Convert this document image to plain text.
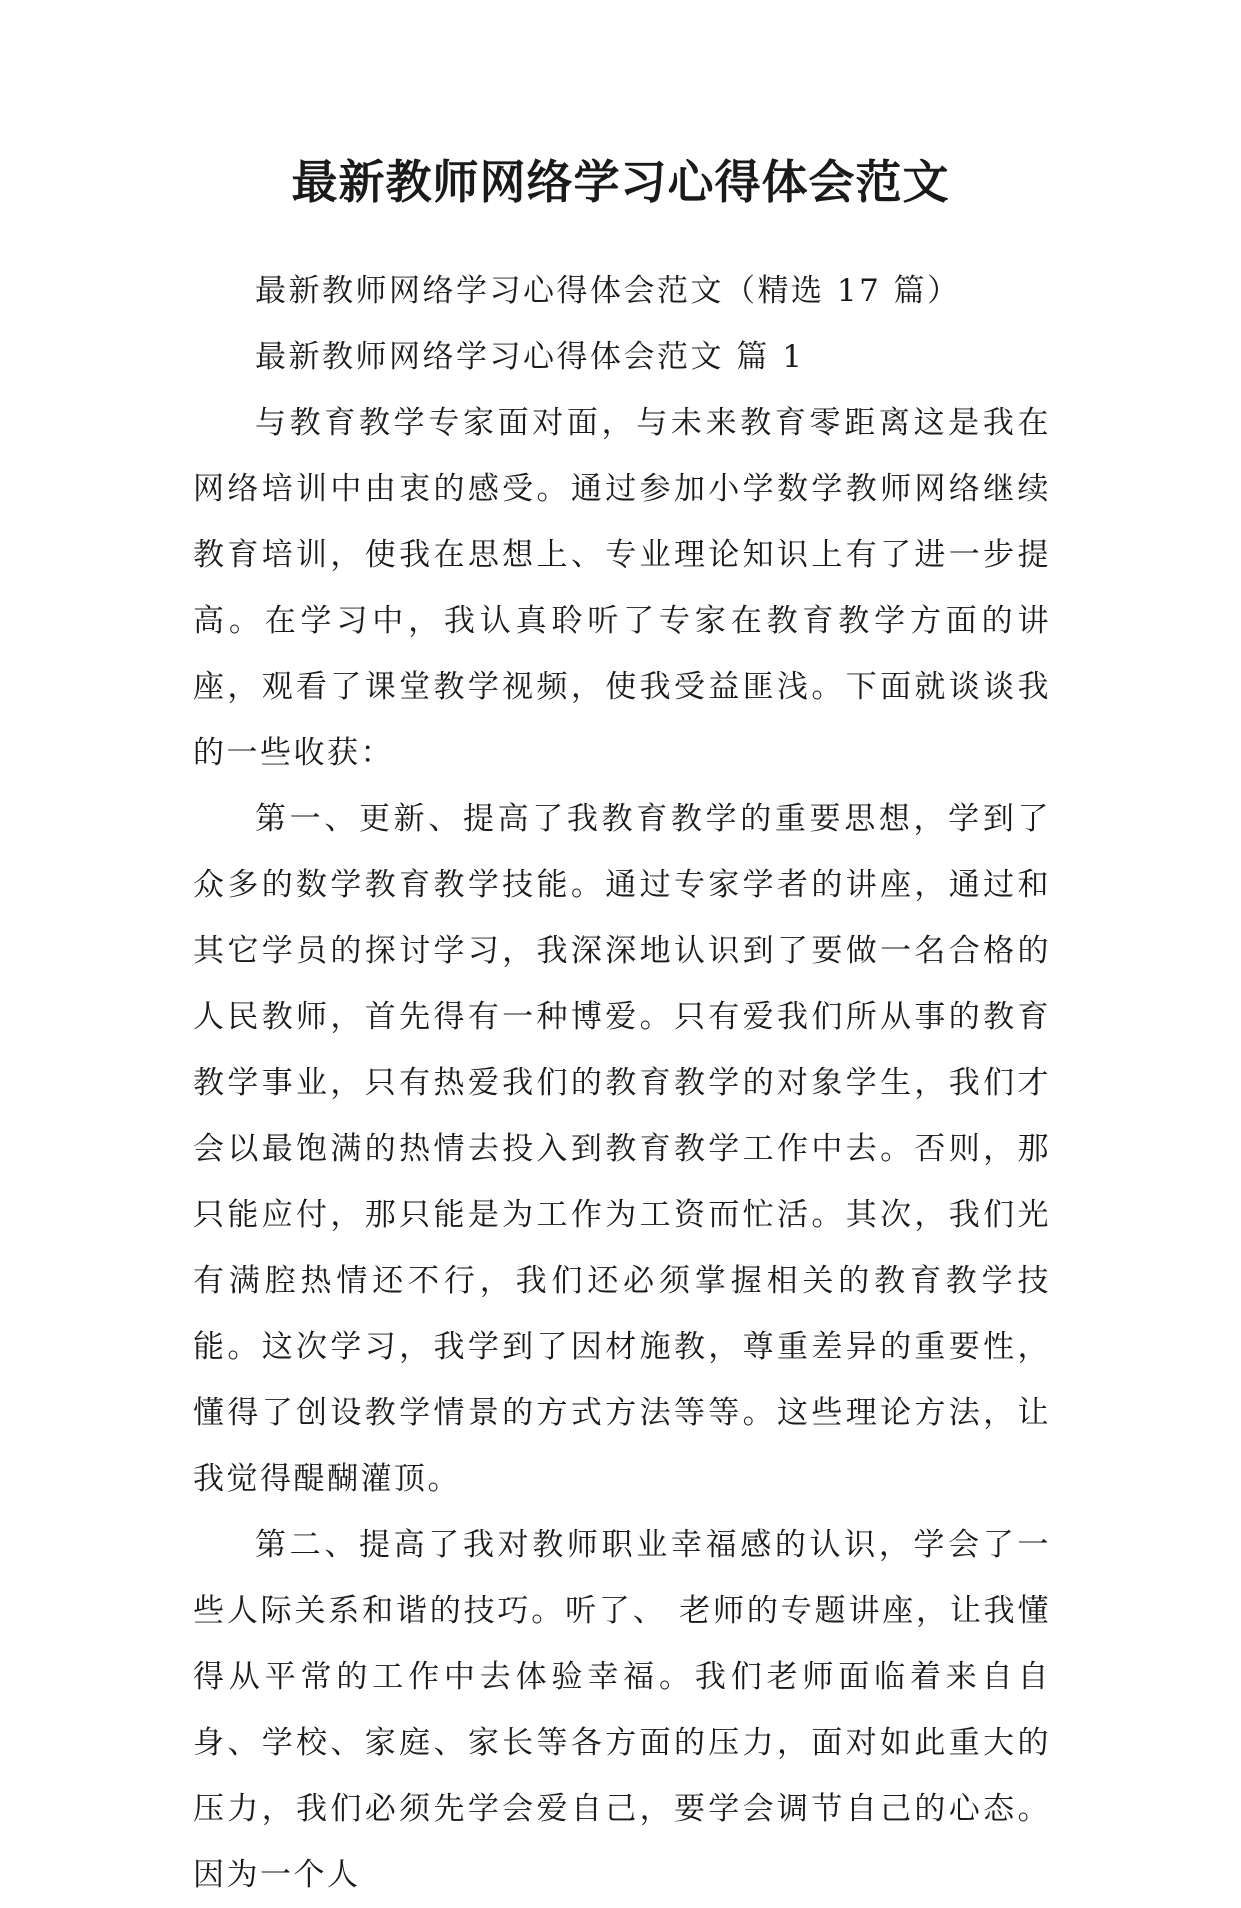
最新教师网络学习心得体会范文

最新教师网络学习心得体会范文（精选 17 篇）

最新教师网络学习心得体会范文 篇 1

与教育教学专家面对面，与未来教育零距离这是我在网络培训中由衷的感受。通过参加小学数学教师网络继续教育培训，使我在思想上、专业理论知识上有了进一步提高。在学习中，我认真聆听了专家在教育教学方面的讲座，观看了课堂教学视频，使我受益匪浅。下面就谈谈我的一些收获：

第一、更新、提高了我教育教学的重要思想，学到了众多的数学教育教学技能。通过专家学者的讲座，通过和其它学员的探讨学习，我深深地认识到了要做一名合格的人民教师，首先得有一种博爱。只有爱我们所从事的教育教学事业，只有热爱我们的教育教学的对象学生，我们才会以最饱满的热情去投入到教育教学工作中去。否则，那只能应付，那只能是为工作为工资而忙活。其次，我们光有满腔热情还不行，我们还必须掌握相关的教育教学技能。这次学习，我学到了因材施教，尊重差异的重要性，懂得了创设教学情景的方式方法等等。这些理论方法，让我觉得醍醐灌顶。

第二、提高了我对教师职业幸福感的认识，学会了一些人际关系和谐的技巧。听了、 老师的专题讲座，让我懂得从平常的工作中去体验幸福。我们老师面临着来自自身、学校、家庭、家长等各方面的压力，面对如此重大的压力，我们必须先学会爱自己，要学会调节自己的心态。因为一个人
